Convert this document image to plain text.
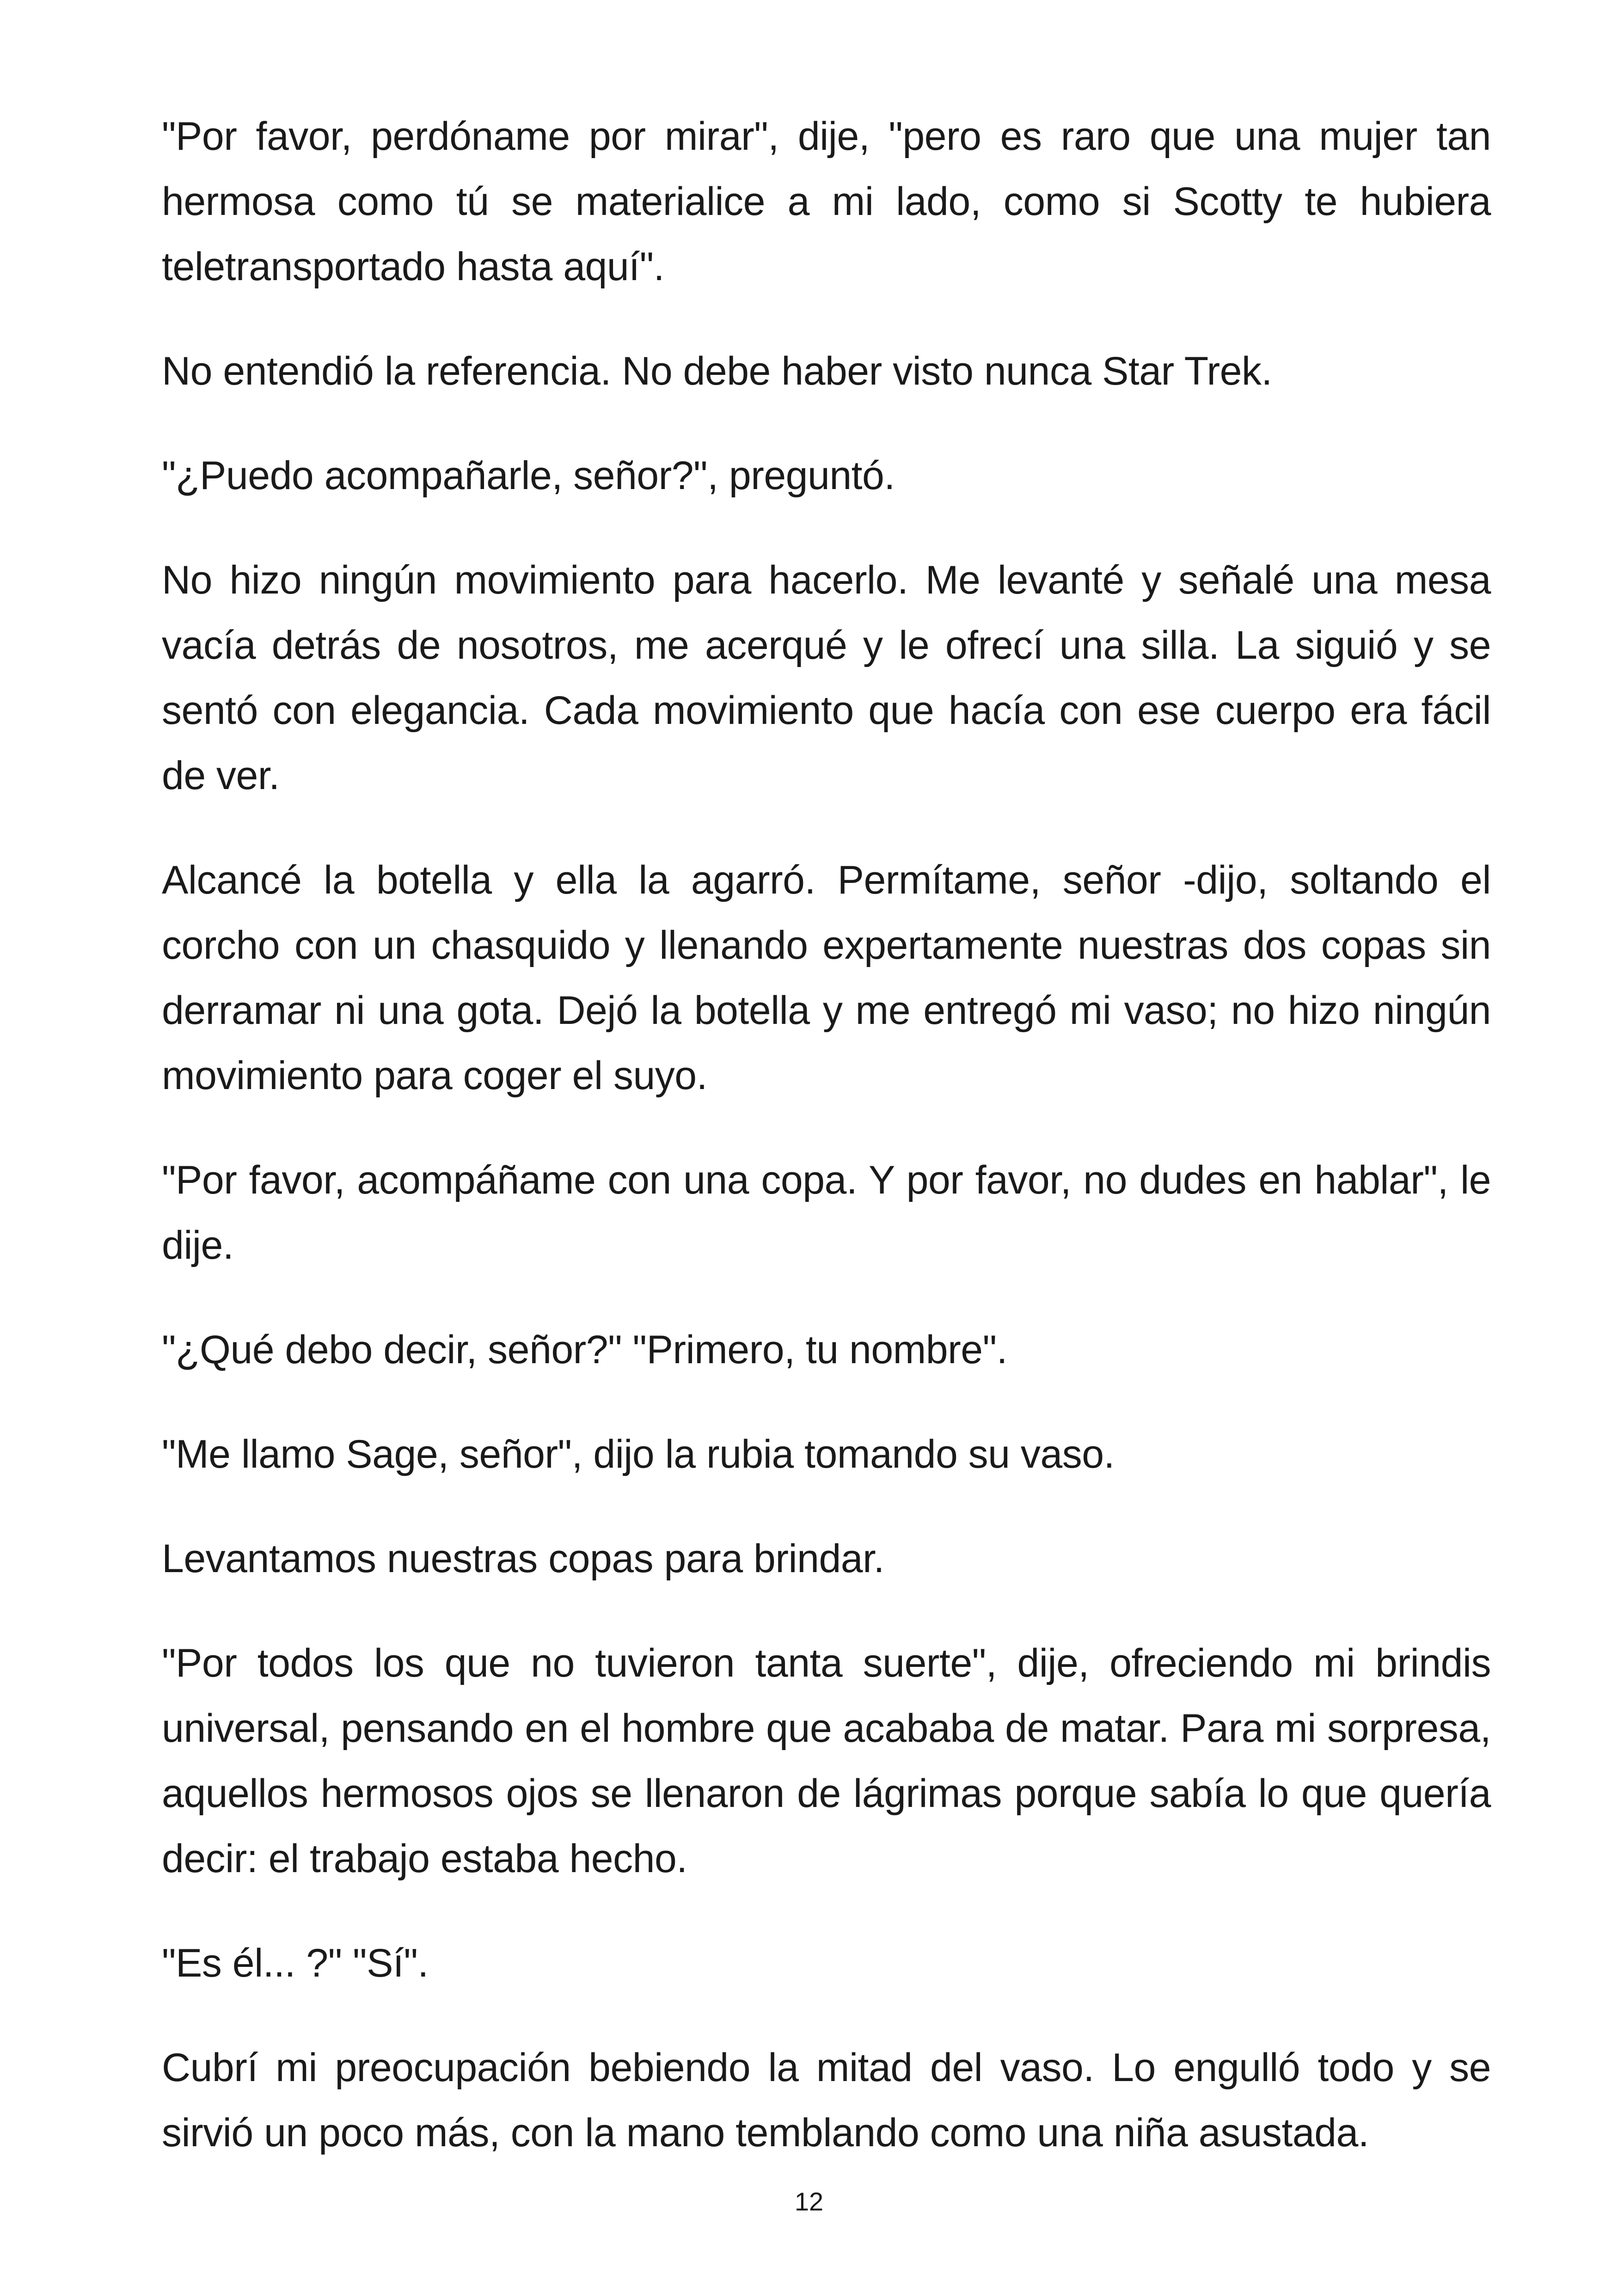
"Por favor, perdóname por mirar", dije, "pero es raro que una mujer tan hermosa como tú se materialice a mi lado, como si Scotty te hubiera teletransportado hasta aquí".

No entendió la referencia. No debe haber visto nunca Star Trek.

"¿Puedo acompañarle, señor?", preguntó.

No hizo ningún movimiento para hacerlo. Me levanté y señalé una mesa vacía detrás de nosotros, me acerqué y le ofrecí una silla. La siguió y se sentó con elegancia. Cada movimiento que hacía con ese cuerpo era fácil de ver.

Alcancé la botella y ella la agarró. Permítame, señor -dijo, soltando el corcho con un chasquido y llenando expertamente nuestras dos copas sin derramar ni una gota. Dejó la botella y me entregó mi vaso; no hizo ningún movimiento para coger el suyo.

"Por favor, acompáñame con una copa. Y por favor, no dudes en hablar", le dije.

"¿Qué debo decir, señor?" "Primero, tu nombre".

"Me llamo Sage, señor", dijo la rubia tomando su vaso.

Levantamos nuestras copas para brindar.

"Por todos los que no tuvieron tanta suerte", dije, ofreciendo mi brindis universal, pensando en el hombre que acababa de matar. Para mi sorpresa, aquellos hermosos ojos se llenaron de lágrimas porque sabía lo que quería decir: el trabajo estaba hecho.

"Es él... ?" "Sí".

Cubrí mi preocupación bebiendo la mitad del vaso. Lo engulló todo y se sirvió un poco más, con la mano temblando como una niña asustada.

12
